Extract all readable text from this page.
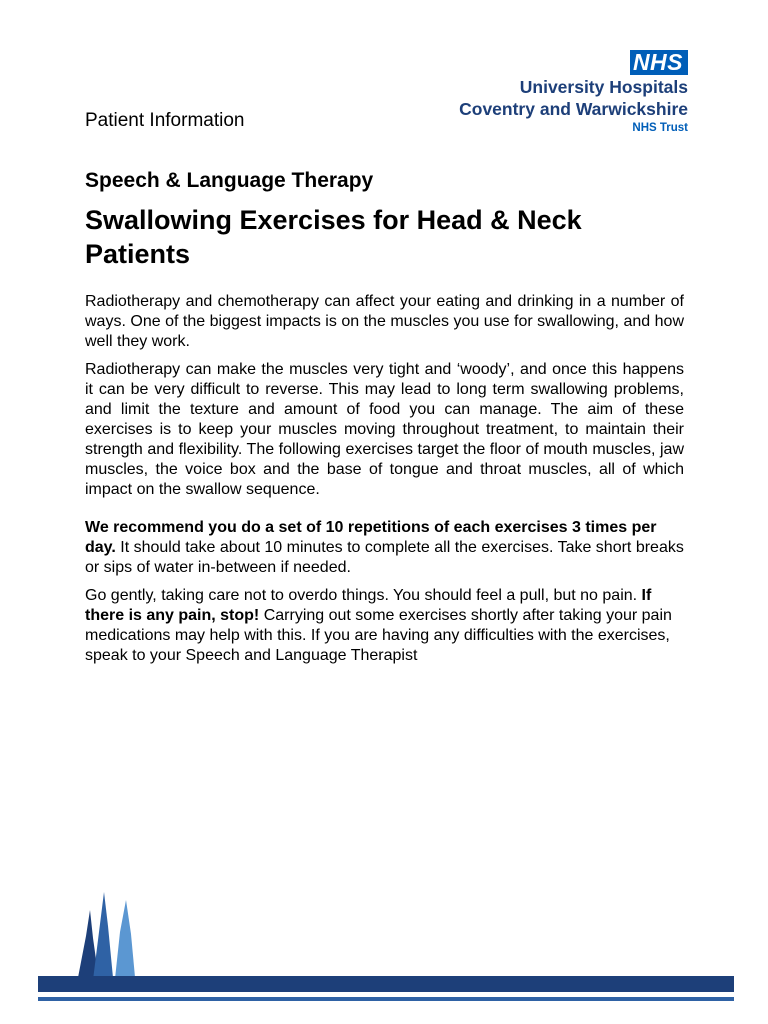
NHS
University Hospitals
Coventry and Warwickshire
NHS Trust
Patient Information
Speech & Language Therapy
Swallowing Exercises for Head & Neck Patients

Radiotherapy and chemotherapy can affect your eating and drinking in a number of ways. One of the biggest impacts is on the muscles you use for swallowing, and how well they work.

Radiotherapy can make the muscles very tight and ‘woody’, and once this happens it can be very difficult to reverse. This may lead to long term swallowing problems, and limit the texture and amount of food you can manage. The aim of these exercises is to keep your muscles moving throughout treatment, to maintain their strength and flexibility. The following exercises target the floor of mouth muscles, jaw muscles, the voice box and the base of tongue and throat muscles, all of which impact on the swallow sequence.

We recommend you do a set of 10 repetitions of each exercises 3 times per day. It should take about 10 minutes to complete all the exercises. Take short breaks or sips of water in-between if needed.

Go gently, taking care not to overdo things. You should feel a pull, but no pain. If there is any pain, stop! Carrying out some exercises shortly after taking your pain medications may help with this. If you are having any difficulties with the exercises, speak to your Speech and Language Therapist
